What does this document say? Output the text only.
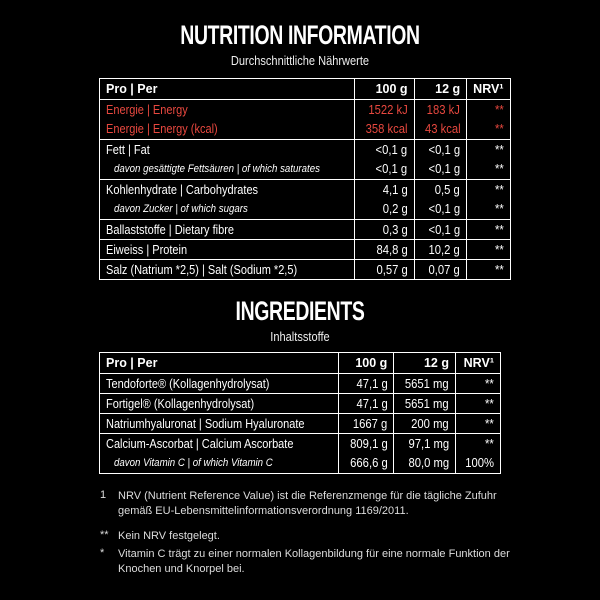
NUTRITION INFORMATION
Durchschnittliche Nährwerte
Pro | Per	100 g	12 g	NRV¹
Energie | Energy	1522 kJ	183 kJ	**
Energie | Energy (kcal)	358 kcal	43 kcal	**
Fett | Fat	<0,1 g	<0,1 g	**
davon gesättigte Fettsäuren | of which saturates	<0,1 g	<0,1 g	**
Kohlenhydrate | Carbohydrates	4,1 g	0,5 g	**
davon Zucker | of which sugars	0,2 g	<0,1 g	**
Ballaststoffe | Dietary fibre	0,3 g	<0,1 g	**
Eiweiss | Protein	84,8 g	10,2 g	**
Salz (Natrium *2,5) | Salt (Sodium *2,5)	0,57 g	0,07 g	**
INGREDIENTS
Inhaltsstoffe
Pro | Per	100 g	12 g	NRV¹
Tendoforte® (Kollagenhydrolysat)	47,1 g	5651 mg	**
Fortigel® (Kollagenhydrolysat)	47,1 g	5651 mg	**
Natriumhyaluronat | Sodium Hyaluronate	1667 g	200 mg	**
Calcium-Ascorbat | Calcium Ascorbate	809,1 g	97,1 mg	**
davon Vitamin C | of which Vitamin C	666,6 g	80,0 mg	100%
1 NRV (Nutrient Reference Value) ist die Referenzmenge für die tägliche Zufuhr gemäß EU-Lebensmittelinformationsverordnung 1169/2011.
** Kein NRV festgelegt.
* Vitamin C trägt zu einer normalen Kollagenbildung für eine normale Funktion der Knochen und Knorpel bei.
